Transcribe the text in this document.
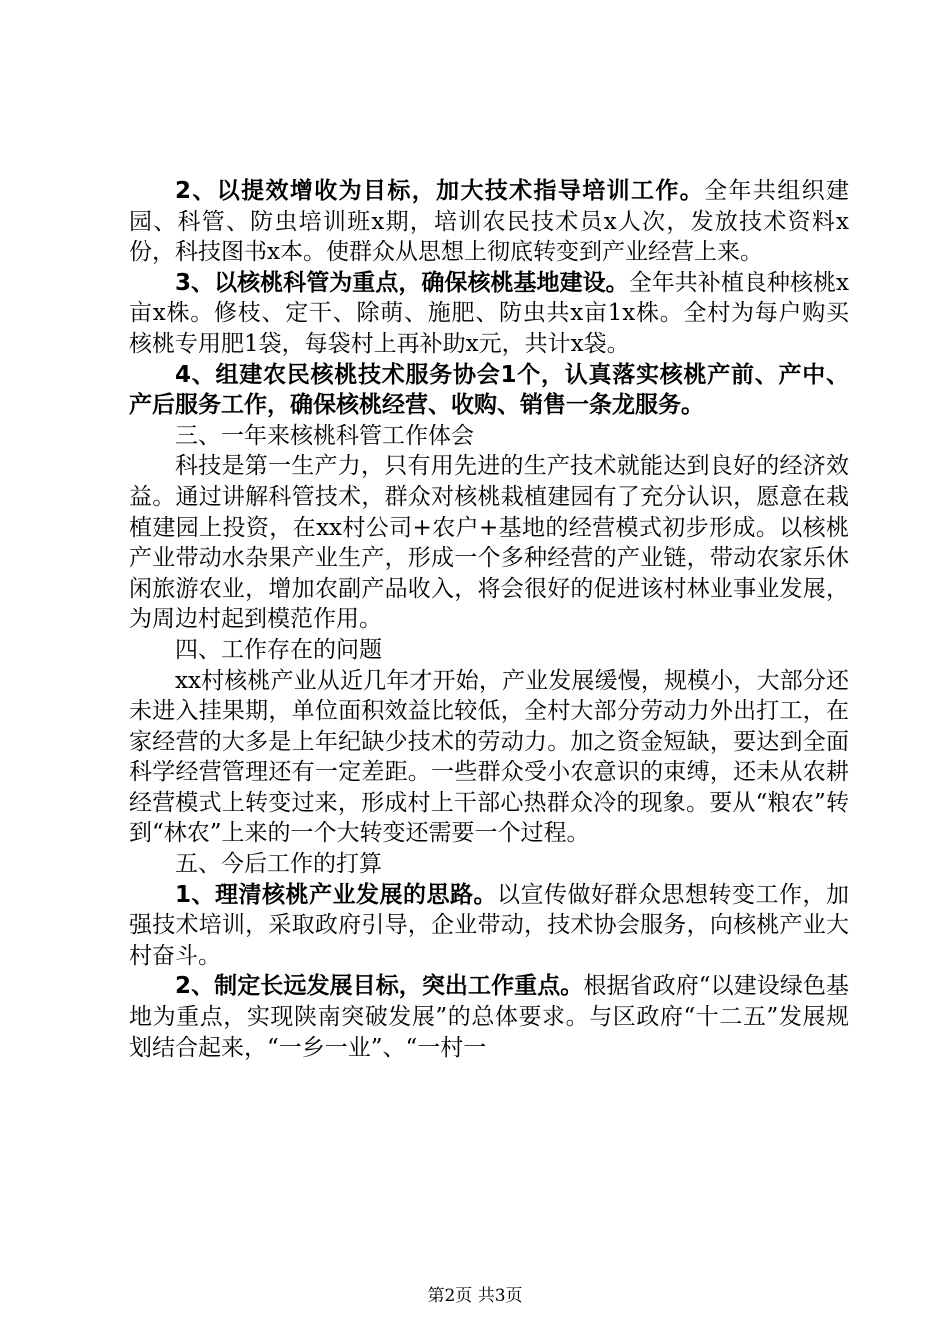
2、以提效增收为目标，加大技术指导培训工作。全年共组织建园、科管、防虫培训班x期，培训农民技术员x人次，发放技术资料x份，科技图书x本。使群众从思想上彻底转变到产业经营上来。

3、以核桃科管为重点，确保核桃基地建设。全年共补植良种核桃x亩x株。修枝、定干、除萌、施肥、防虫共x亩1x株。全村为每户购买核桃专用肥1袋，每袋村上再补助x元，共计x袋。

4、组建农民核桃技术服务协会1个，认真落实核桃产前、产中、产后服务工作，确保核桃经营、收购、销售一条龙服务。

三、一年来核桃科管工作体会

科技是第一生产力，只有用先进的生产技术就能达到良好的经济效益。通过讲解科管技术，群众对核桃栽植建园有了充分认识，愿意在栽植建园上投资，在xx村公司+农户+基地的经营模式初步形成。以核桃产业带动水杂果产业生产，形成一个多种经营的产业链，带动农家乐休闲旅游农业，增加农副产品收入，将会很好的促进该村林业事业发展，为周边村起到模范作用。

四、工作存在的问题

xx村核桃产业从近几年才开始，产业发展缓慢，规模小，大部分还未进入挂果期，单位面积效益比较低，全村大部分劳动力外出打工，在家经营的大多是上年纪缺少技术的劳动力。加之资金短缺，要达到全面科学经营管理还有一定差距。一些群众受小农意识的束缚，还未从农耕经营模式上转变过来，形成村上干部心热群众冷的现象。要从“粮农”转到“林农”上来的一个大转变还需要一个过程。

五、今后工作的打算

1、理清核桃产业发展的思路。以宣传做好群众思想转变工作，加强技术培训，采取政府引导，企业带动，技术协会服务，向核桃产业大村奋斗。

2、制定长远发展目标，突出工作重点。根据省政府“以建设绿色基地为重点，实现陕南突破发展”的总体要求。与区政府“十二五”发展规划结合起来，“一乡一业”、“一村一

第2页 共3页
